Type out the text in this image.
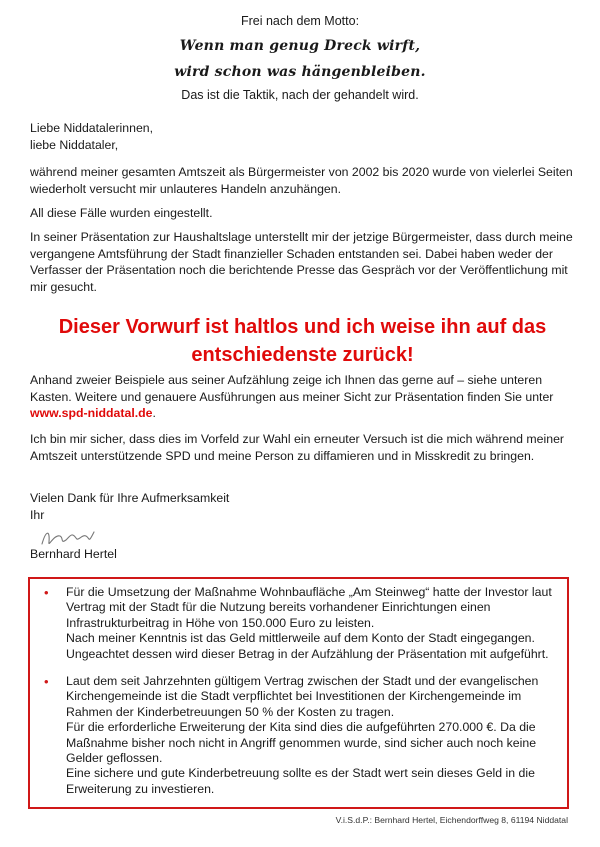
Frei nach dem Motto:
Wenn man genug Dreck wirft,
wird schon was hängenbleiben.
Das ist die Taktik, nach der gehandelt wird.

Liebe Niddatalerinnen,

liebe Niddataler,

während meiner gesamten Amtszeit als Bürgermeister von 2002 bis 2020 wurde von vielerlei Seiten wiederholt versucht mir unlauteres Handeln anzuhängen.
All diese Fälle wurden eingestellt.
In seiner Präsentation zur Haushaltslage unterstellt mir der jetzige Bürgermeister, dass durch meine vergangene Amtsführung der Stadt finanzieller Schaden entstanden sei. Dabei haben weder der Verfasser der Präsentation noch die berichtende Presse das Gespräch vor der Veröffentlichung mit mir gesucht.
Dieser Vorwurf ist haltlos und ich weise ihn auf das entschiedenste zurück!
Anhand zweier Beispiele aus seiner Aufzählung zeige ich Ihnen das gerne auf – siehe unteren Kasten. Weitere und genauere Ausführungen aus meiner Sicht zur Präsentation finden Sie unter www.spd-niddatal.de.
Ich bin mir sicher, dass dies im Vorfeld zur Wahl ein erneuter Versuch ist die mich während meiner Amtszeit unterstützende SPD und meine Person zu diffamieren und in Misskredit zu bringen.

Vielen Dank für Ihre Aufmerksamkeit

Ihr

Bernhard Hertel
•	Für die Umsetzung der Maßnahme Wohnbaufläche „Am Steinweg“ hatte der Investor laut Vertrag mit der Stadt für die Nutzung bereits vorhandener Einrichtungen einen Infrastrukturbeitrag in Höhe von 150.000 Euro zu leisten.

Nach meiner Kenntnis ist das Geld mittlerweile auf dem Konto der Stadt eingegangen.

Ungeachtet dessen wird dieser Betrag in der Aufzählung der Präsentation mit aufgeführt.

•	Laut dem seit Jahrzehnten gültigem Vertrag zwischen der Stadt und der evangelischen Kirchengemeinde ist die Stadt verpflichtet bei Investitionen der Kirchengemeinde im Rahmen der Kinderbetreuungen 50 % der Kosten zu tragen.

Für die erforderliche Erweiterung der Kita sind dies die aufgeführten 270.000 €. Da die Maßnahme bisher noch nicht in Angriff genommen wurde, sind sicher auch noch keine Gelder geflossen.

Eine sichere und gute Kinderbetreuung sollte es der Stadt wert sein dieses Geld in die Erweiterung zu investieren.

V.i.S.d.P.: Bernhard Hertel, Eichendorffweg 8, 61194 Niddatal
